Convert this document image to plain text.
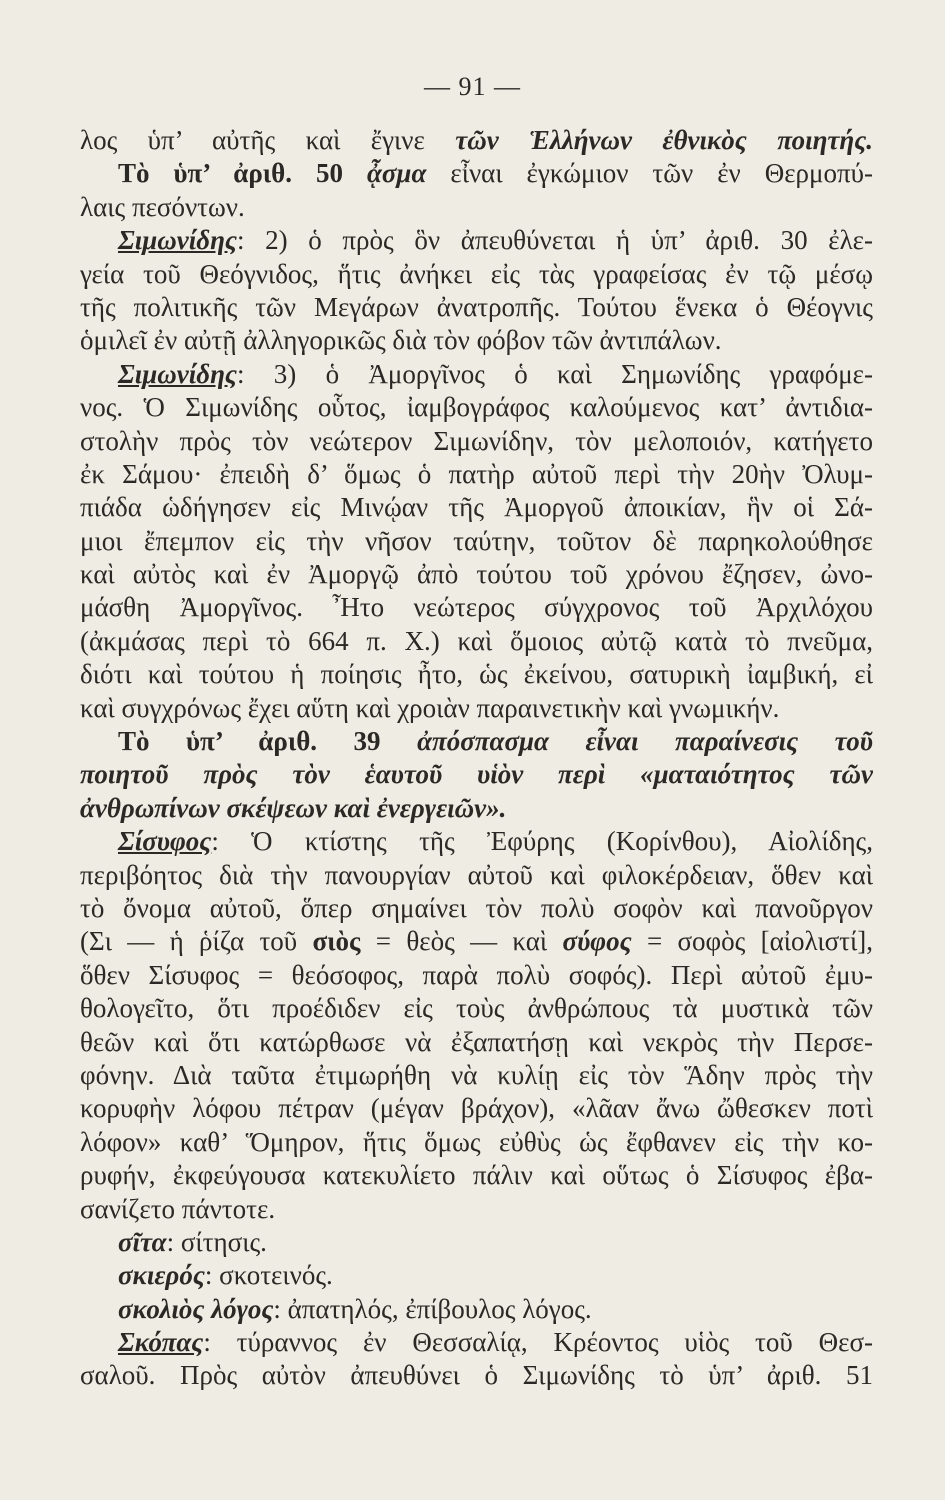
— 91 —
λος ὑπ’ αὐτῆς καὶ ἔγινε τῶν Ἑλλήνων ἐθνικὸς ποιητής.
Τὸ ὑπ’ ἀριθ. 50 ᾆσμα εἶναι ἐγκώμιον τῶν ἐν Θερμοπύ-
λαις πεσόντων.
Σιμωνίδης: 2) ὁ πρὸς ὃν ἀπευθύνεται ἡ ὑπ’ ἀριθ. 30 ἐλε-
γεία τοῦ Θεόγνιδος, ἥτις ἀνήκει εἰς τὰς γραφείσας ἐν τῷ μέσῳ
τῆς πολιτικῆς τῶν Μεγάρων ἀνατροπῆς. Τούτου ἕνεκα ὁ Θέογνις
ὁμιλεῖ ἐν αὐτῇ ἀλληγορικῶς διὰ τὸν φόβον τῶν ἀντιπάλων.
Σιμωνίδης: 3) ὁ Ἀμοργῖνος ὁ καὶ Σημωνίδης γραφόμε-
νος. Ὁ Σιμωνίδης οὗτος, ἰαμβογράφος καλούμενος κατ’ ἀντιδια-
στολὴν πρὸς τὸν νεώτερον Σιμωνίδην, τὸν μελοποιόν, κατήγετο
ἐκ Σάμου· ἐπειδὴ δ’ ὅμως ὁ πατὴρ αὐτοῦ περὶ τὴν 20ὴν Ὀλυμ-
πιάδα ὡδήγησεν εἰς Μινῴαν τῆς Ἀμοργοῦ ἀποικίαν, ἣν οἱ Σά-
μιοι ἔπεμπον εἰς τὴν νῆσον ταύτην, τοῦτον δὲ παρηκολούθησε
καὶ αὐτὸς καὶ ἐν Ἀμοργῷ ἀπὸ τούτου τοῦ χρόνου ἔζησεν, ὠνο-
μάσθη Ἀμοργῖνος. Ἦτο νεώτερος σύγχρονος τοῦ Ἀρχιλόχου
(ἀκμάσας περὶ τὸ 664 π. Χ.) καὶ ὅμοιος αὐτῷ κατὰ τὸ πνεῦμα,
διότι καὶ τούτου ἡ ποίησις ἦτο, ὡς ἐκείνου, σατυρικὴ ἰαμβική, εἰ
καὶ συγχρόνως ἔχει αὕτη καὶ χροιὰν παραινετικὴν καὶ γνωμικήν.
Τὸ ὑπ’ ἀριθ. 39 ἀπόσπασμα εἶναι παραίνεσις τοῦ
ποιητοῦ πρὸς τὸν ἑαυτοῦ υἱὸν περὶ «ματαιότητος τῶν
ἀνθρωπίνων σκέψεων καὶ ἐνεργειῶν».
Σίσυφος: Ὁ κτίστης τῆς Ἐφύρης (Κορίνθου), Αἰολίδης,
περιβόητος διὰ τὴν πανουργίαν αὐτοῦ καὶ φιλοκέρδειαν, ὅθεν καὶ
τὸ ὄνομα αὐτοῦ, ὅπερ σημαίνει τὸν πολὺ σοφὸν καὶ πανοῦργον
(Σι — ἡ ῥίζα τοῦ σιὸς = θεὸς — καὶ σύφος = σοφὸς [αἰολιστί],
ὅθεν Σίσυφος = θεόσοφος, παρὰ πολὺ σοφός). Περὶ αὐτοῦ ἐμυ-
θολογεῖτο, ὅτι προέδιδεν εἰς τοὺς ἀνθρώπους τὰ μυστικὰ τῶν
θεῶν καὶ ὅτι κατώρθωσε νὰ ἐξαπατήσῃ καὶ νεκρὸς τὴν Περσε-
φόνην. Διὰ ταῦτα ἐτιμωρήθη νὰ κυλίῃ εἰς τὸν Ἅδην πρὸς τὴν
κορυφὴν λόφου πέτραν (μέγαν βράχον), «λᾶαν ἄνω ὤθεσκεν ποτὶ
λόφον» καθ’ Ὅμηρον, ἥτις ὅμως εὐθὺς ὡς ἔφθανεν εἰς τὴν κο-
ρυφήν, ἐκφεύγουσα κατεκυλίετο πάλιν καὶ οὕτως ὁ Σίσυφος ἐβα-
σανίζετο πάντοτε.
σῖτα: σίτησις.
σκιερός: σκοτεινός.
σκολιὸς λόγος: ἀπατηλός, ἐπίβουλος λόγος.
Σκόπας: τύραννος ἐν Θεσσαλίᾳ, Κρέοντος υἱὸς τοῦ Θεσ-
σαλοῦ. Πρὸς αὐτὸν ἀπευθύνει ὁ Σιμωνίδης τὸ ὑπ’ ἀριθ. 51
